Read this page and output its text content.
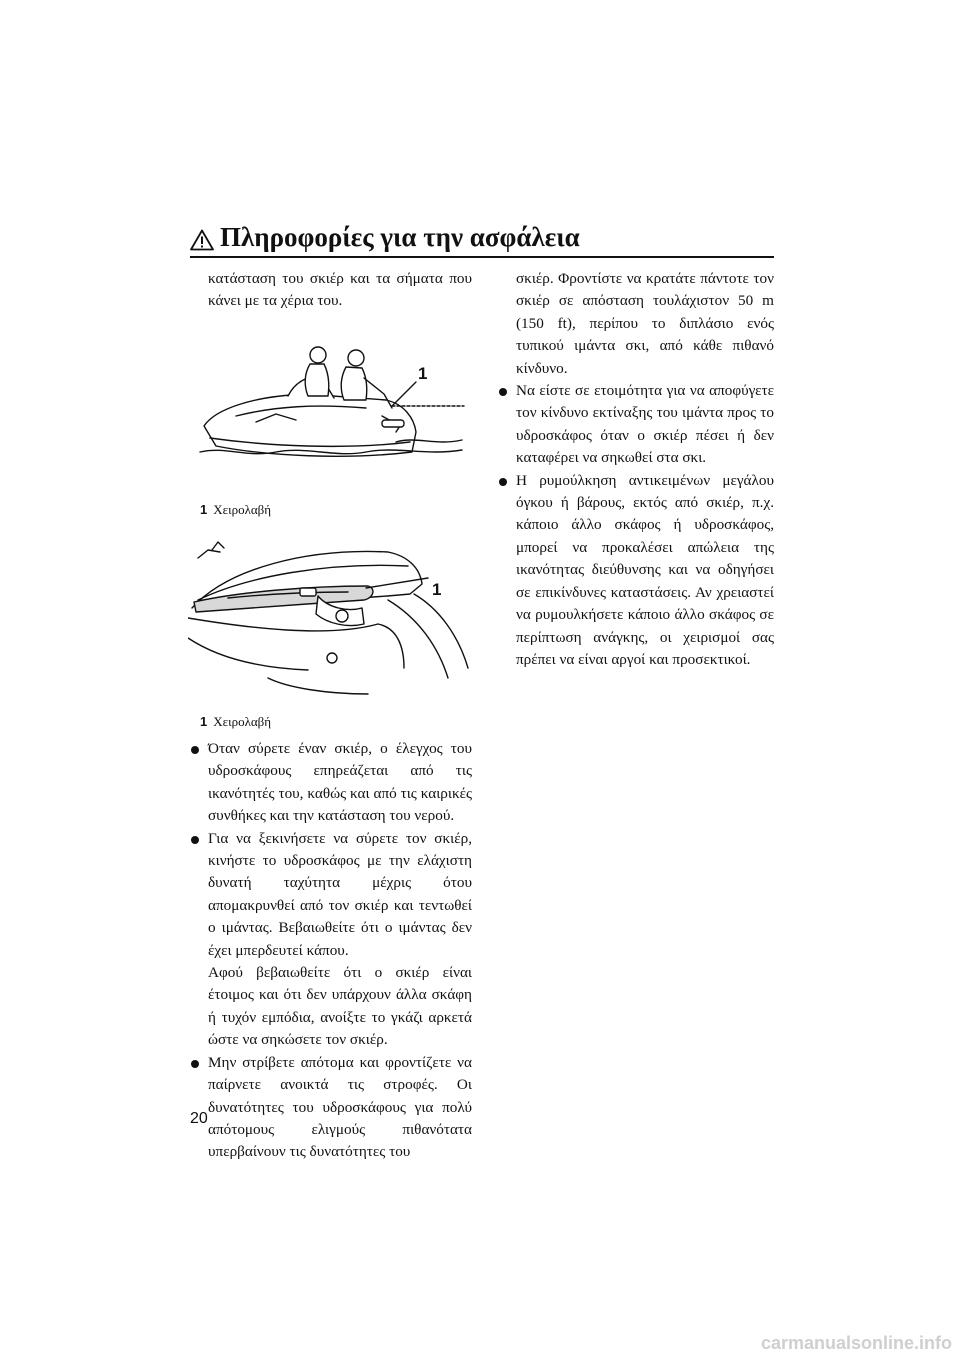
Πληροφορίες για την ασφάλεια

κατάσταση του σκιέρ και τα σήματα που κάνει με τα χέρια του.

1
1 Χειρολαβή
1
1 Χειρολαβή

Όταν σύρετε έναν σκιέρ, ο έλεγχος του υδροσκάφους επηρεάζεται από τις ικανότητές του, καθώς και από τις καιρικές συνθήκες και την κατάσταση του νερού.

Για να ξεκινήσετε να σύρετε τον σκιέρ, κινήστε το υδροσκάφος με την ελάχιστη δυνατή ταχύτητα μέχρις ότου απομακρυνθεί από τον σκιέρ και τεντωθεί ο ιμάντας. Βεβαιωθείτε ότι ο ιμάντας δεν έχει μπερδευτεί κάπου.

Αφού βεβαιωθείτε ότι ο σκιέρ είναι έτοιμος και ότι δεν υπάρχουν άλλα σκάφη ή τυχόν εμπόδια, ανοίξτε το γκάζι αρκετά ώστε να σηκώσετε τον σκιέρ.

Μην στρίβετε απότομα και φροντίζετε να παίρνετε ανοικτά τις στροφές. Οι δυνατότητες του υδροσκάφους για πολύ απότομους ελιγμούς πιθανότατα υπερβαίνουν τις δυνατότητες του

σκιέρ. Φροντίστε να κρατάτε πάντοτε τον σκιέρ σε απόσταση τουλάχιστον 50 m (150 ft), περίπου το διπλάσιο ενός τυπικού ιμάντα σκι, από κάθε πιθανό κίνδυνο.

Να είστε σε ετοιμότητα για να αποφύγετε τον κίνδυνο εκτίναξης του ιμάντα προς το υδροσκάφος όταν ο σκιέρ πέσει ή δεν καταφέρει να σηκωθεί στα σκι.

Η ρυμούλκηση αντικειμένων μεγάλου όγκου ή βάρους, εκτός από σκιέρ, π.χ. κάποιο άλλο σκάφος ή υδροσκάφος, μπορεί να προκαλέσει απώλεια της ικανότητας διεύθυνσης και να οδηγήσει σε επικίνδυνες καταστάσεις. Αν χρειαστεί να ρυμουλκήσετε κάποιο άλλο σκάφος σε περίπτωση ανάγκης, οι χειρισμοί σας πρέπει να είναι αργοί και προσεκτικοί.

20
carmanualsonline.info
